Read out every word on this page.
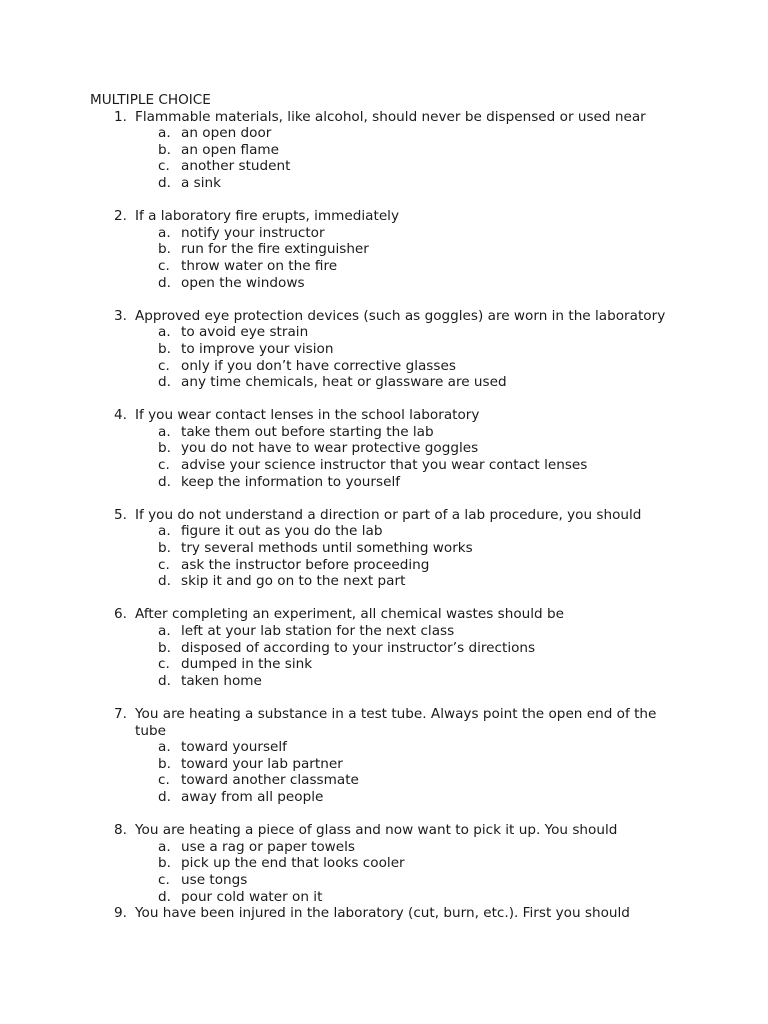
MULTIPLE CHOICE
1. Flammable materials, like alcohol, should never be dispensed or used near
a. an open door
b. an open flame
c. another student
d. a sink
2. If a laboratory fire erupts, immediately
a. notify your instructor
b. run for the fire extinguisher
c. throw water on the fire
d. open the windows
3. Approved eye protection devices (such as goggles) are worn in the laboratory
a. to avoid eye strain
b. to improve your vision
c. only if you don’t have corrective glasses
d. any time chemicals, heat or glassware are used
4. If you wear contact lenses in the school laboratory
a. take them out before starting the lab
b. you do not have to wear protective goggles
c. advise your science instructor that you wear contact lenses
d. keep the information to yourself
5. If you do not understand a direction or part of a lab procedure, you should
a. figure it out as you do the lab
b. try several methods until something works
c. ask the instructor before proceeding
d. skip it and go on to the next part
6. After completing an experiment, all chemical wastes should be
a. left at your lab station for the next class
b. disposed of according to your instructor’s directions
c. dumped in the sink
d. taken home
7. You are heating a substance in a test tube. Always point the open end of the tube
a. toward yourself
b. toward your lab partner
c. toward another classmate
d. away from all people
8. You are heating a piece of glass and now want to pick it up. You should
a. use a rag or paper towels
b. pick up the end that looks cooler
c. use tongs
d. pour cold water on it
9. You have been injured in the laboratory (cut, burn, etc.). First you should
